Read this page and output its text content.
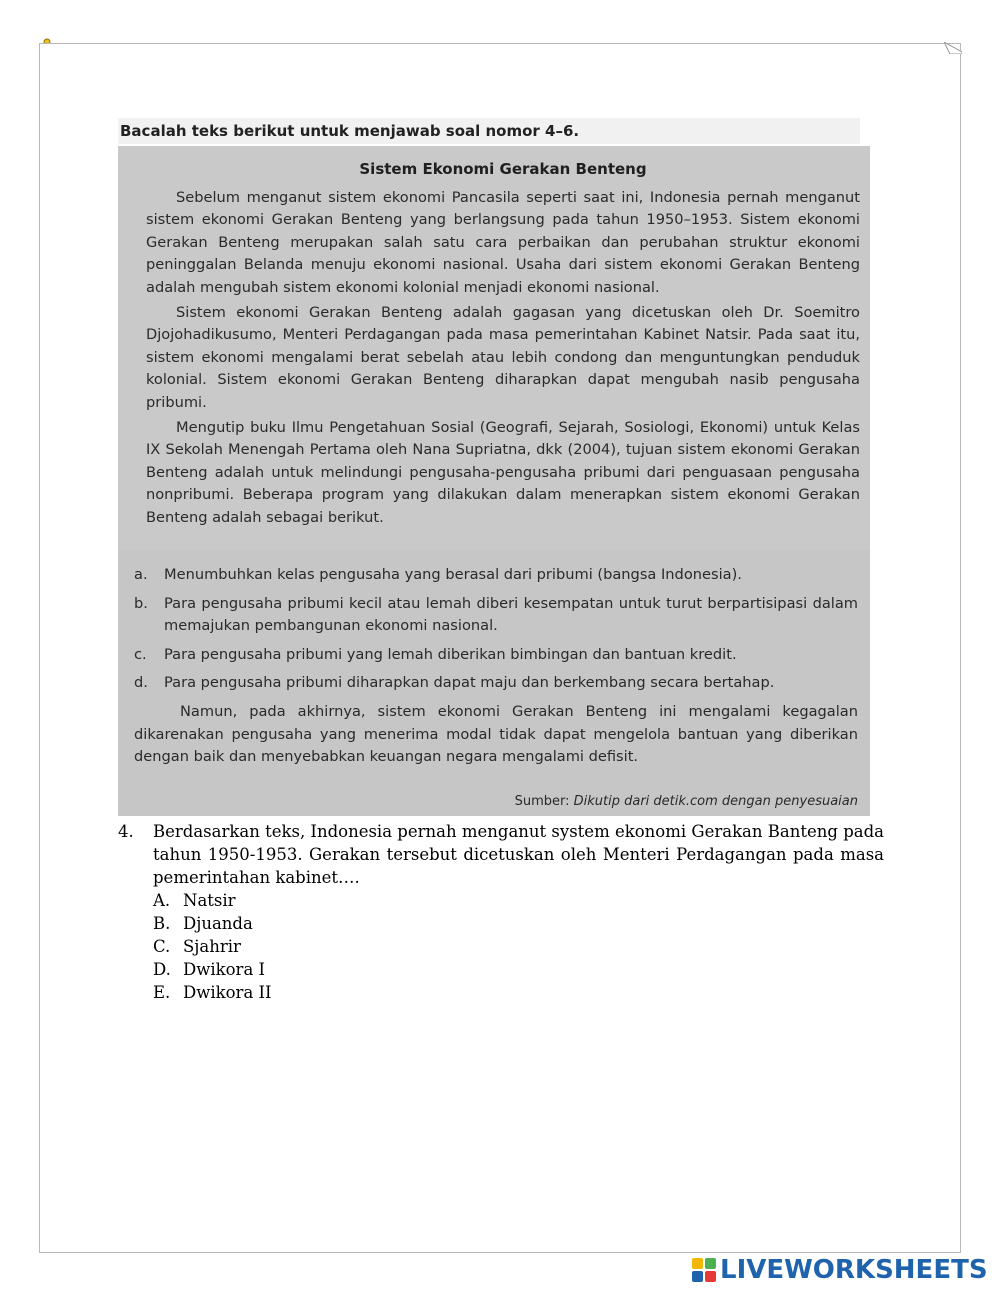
Bacalah teks berikut untuk menjawab soal nomor 4–6.
Sistem Ekonomi Gerakan Benteng

Sebelum menganut sistem ekonomi Pancasila seperti saat ini, Indonesia pernah menganut sistem ekonomi Gerakan Benteng yang berlangsung pada tahun 1950–1953. Sistem ekonomi Gerakan Benteng merupakan salah satu cara perbaikan dan perubahan struktur ekonomi peninggalan Belanda menuju ekonomi nasional. Usaha dari sistem ekonomi Gerakan Benteng adalah mengubah sistem ekonomi kolonial menjadi ekonomi nasional.

Sistem ekonomi Gerakan Benteng adalah gagasan yang dicetuskan oleh Dr. Soemitro Djojohadikusumo, Menteri Perdagangan pada masa pemerintahan Kabinet Natsir. Pada saat itu, sistem ekonomi mengalami berat sebelah atau lebih condong dan menguntungkan penduduk kolonial. Sistem ekonomi Gerakan Benteng diharapkan dapat mengubah nasib pengusaha pribumi.

Mengutip buku Ilmu Pengetahuan Sosial (Geografi, Sejarah, Sosiologi, Ekonomi) untuk Kelas IX Sekolah Menengah Pertama oleh Nana Supriatna, dkk (2004), tujuan sistem ekonomi Gerakan Benteng adalah untuk melindungi pengusaha-pengusaha pribumi dari penguasaan pengusaha nonpribumi. Beberapa program yang dilakukan dalam menerapkan sistem ekonomi Gerakan Benteng adalah sebagai berikut.

a. Menumbuhkan kelas pengusaha yang berasal dari pribumi (bangsa Indonesia).
b. Para pengusaha pribumi kecil atau lemah diberi kesempatan untuk turut berpartisipasi dalam memajukan pembangunan ekonomi nasional.
c. Para pengusaha pribumi yang lemah diberikan bimbingan dan bantuan kredit.
d. Para pengusaha pribumi diharapkan dapat maju dan berkembang secara bertahap.

Namun, pada akhirnya, sistem ekonomi Gerakan Benteng ini mengalami kegagalan dikarenakan pengusaha yang menerima modal tidak dapat mengelola bantuan yang diberikan dengan baik dan menyebabkan keuangan negara mengalami defisit.

Sumber: Dikutip dari detik.com dengan penyesuaian
4. Berdasarkan teks, Indonesia pernah menganut system ekonomi Gerakan Banteng pada tahun 1950-1953. Gerakan tersebut dicetuskan oleh Menteri Perdagangan pada masa pemerintahan kabinet….
A. Natsir
B. Djuanda
C. Sjahrir
D. Dwikora I
E. Dwikora II
LIVEWORKSHEETS
